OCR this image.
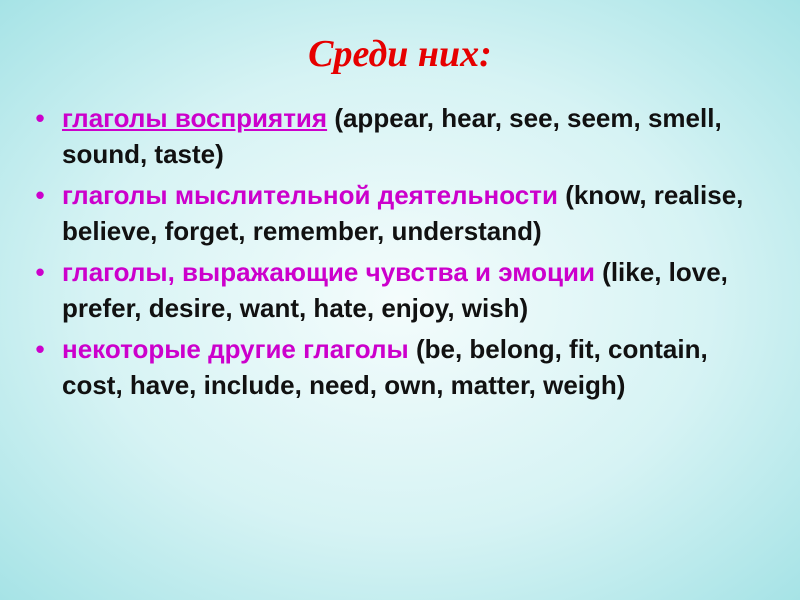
Среди них:
• глаголы восприятия (appear, hear, see, seem, smell, sound, taste)
• глаголы мыслительной деятельности (know, realise, believe, forget, remember, understand)
• глаголы, выражающие чувства и эмоции (like, love, prefer, desire, want, hate, enjoy, wish)
• некоторые другие глаголы (be, belong, fit, contain, cost, have, include, need, own, matter, weigh)
